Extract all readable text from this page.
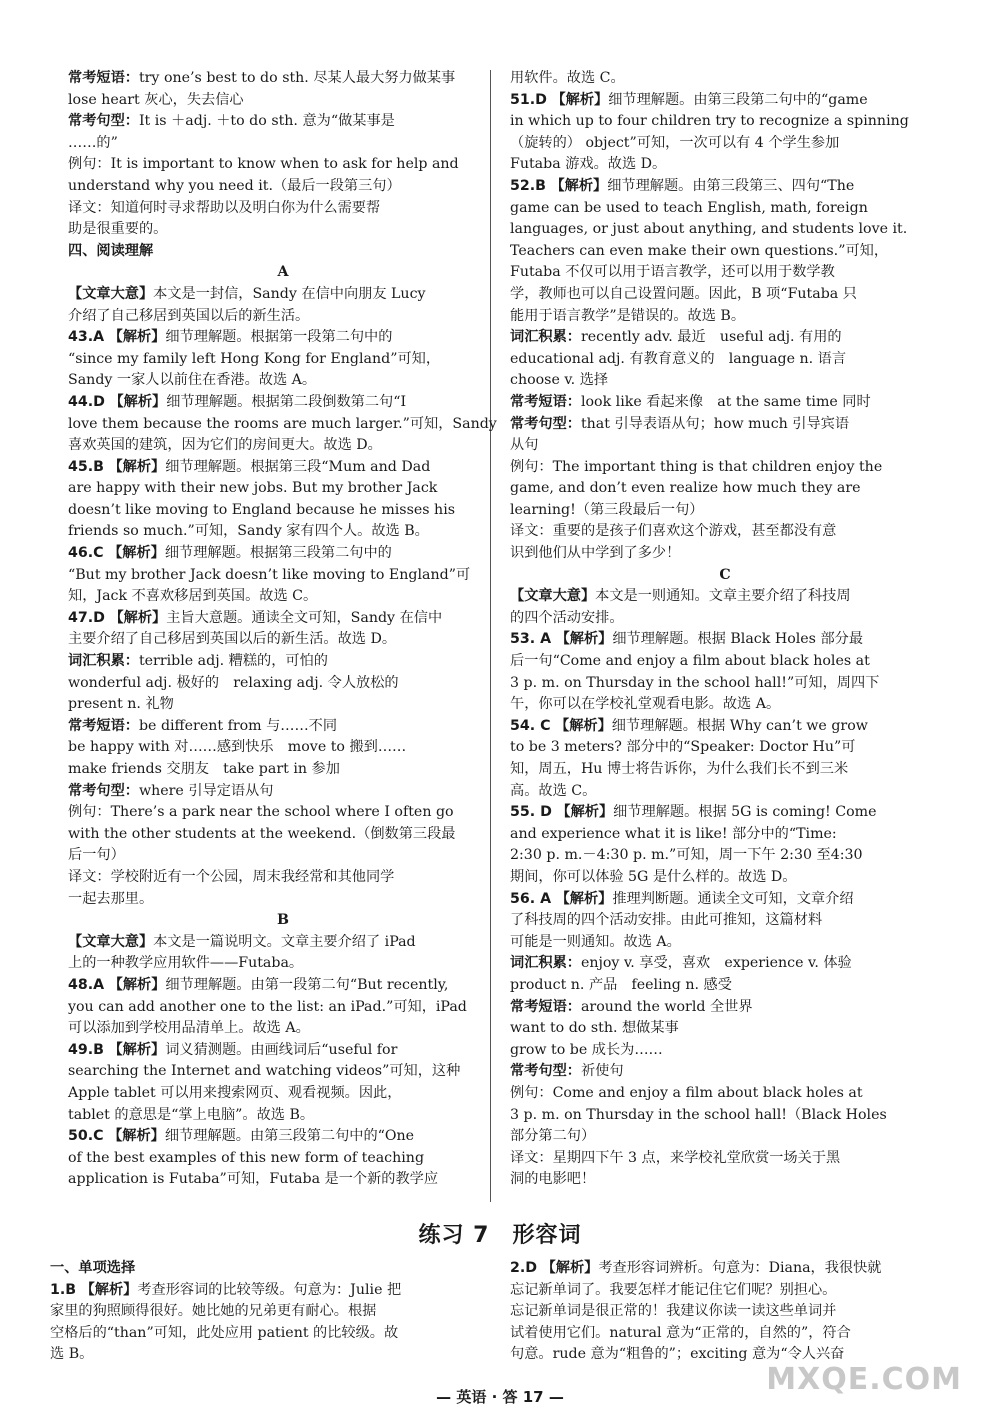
常考短语：try one’s best to do sth. 尽某人最大努力做某事

lose heart 灰心，失去信心

常考句型：It is ＋adj. ＋to do sth. 意为“做某事是

……的”

例句：It is important to know when to ask for help and

understand why you need it.（最后一段第三句）

译文：知道何时寻求帮助以及明白你为什么需要帮

助是很重要的。

四、阅读理解

A

【文章大意】本文是一封信，Sandy 在信中向朋友 Lucy

介绍了自己移居到英国以后的新生活。

43.A 【解析】细节理解题。根据第一段第二句中的

“since my family left Hong Kong for England”可知，

Sandy 一家人以前住在香港。故选 A。

44.D 【解析】细节理解题。根据第二段倒数第二句“I

love them because the rooms are much larger.”可知，Sandy

喜欢英国的建筑，因为它们的房间更大。故选 D。

45.B 【解析】细节理解题。根据第三段“Mum and Dad

are happy with their new jobs. But my brother Jack

doesn’t like moving to England because he misses his

friends so much.”可知，Sandy 家有四个人。故选 B。

46.C 【解析】细节理解题。根据第三段第二句中的

“But my brother Jack doesn’t like moving to England”可

知，Jack 不喜欢移居到英国。故选 C。

47.D 【解析】主旨大意题。通读全文可知，Sandy 在信中

主要介绍了自己移居到英国以后的新生活。故选 D。

词汇积累：terrible adj. 糟糕的，可怕的

wonderful adj. 极好的　relaxing adj. 令人放松的

present n. 礼物

常考短语：be different from 与……不同

be happy with 对……感到快乐　move to 搬到……

make friends 交朋友　take part in 参加

常考句型：where 引导定语从句

例句：There’s a park near the school where I often go

with the other students at the weekend.（倒数第三段最

后一句）

译文：学校附近有一个公园，周末我经常和其他同学

一起去那里。

B

【文章大意】本文是一篇说明文。文章主要介绍了 iPad

上的一种教学应用软件——Futaba。

48.A 【解析】细节理解题。由第一段第二句“But recently,

you can add another one to the list: an iPad.”可知，iPad

可以添加到学校用品清单上。故选 A。

49.B 【解析】词义猜测题。由画线词后“useful for

searching the Internet and watching videos”可知，这种

Apple tablet 可以用来搜索网页、观看视频。因此，

tablet 的意思是“掌上电脑”。故选 B。

50.C 【解析】细节理解题。由第三段第二句中的“One

of the best examples of this new form of teaching

application is Futaba”可知，Futaba 是一个新的教学应

用软件。故选 C。

51.D 【解析】细节理解题。由第三段第二句中的“game

in which up to four children try to recognize a spinning

（旋转的） object”可知，一次可以有 4 个学生参加

Futaba 游戏。故选 D。

52.B 【解析】细节理解题。由第三段第三、四句“The

game can be used to teach English, math, foreign

languages, or just about anything, and students love it.

Teachers can even make their own questions.”可知，

Futaba 不仅可以用于语言教学，还可以用于数学教

学，教师也可以自己设置问题。因此，B 项“Futaba 只

能用于语言教学”是错误的。故选 B。

词汇积累：recently adv. 最近　useful adj. 有用的

educational adj. 有教育意义的　language n. 语言

choose v. 选择

常考短语：look like 看起来像　at the same time 同时

常考句型：that 引导表语从句；how much 引导宾语

从句

例句：The important thing is that children enjoy the

game, and don’t even realize how much they are

learning!（第三段最后一句）

译文：重要的是孩子们喜欢这个游戏，甚至都没有意

识到他们从中学到了多少！

C

【文章大意】本文是一则通知。文章主要介绍了科技周

的四个活动安排。

53. A 【解析】细节理解题。根据 Black Holes 部分最

后一句“Come and enjoy a film about black holes at

3 p. m. on Thursday in the school hall!”可知，周四下

午，你可以在学校礼堂观看电影。故选 A。

54. C 【解析】细节理解题。根据 Why can’t we grow

to be 3 meters? 部分中的“Speaker: Doctor Hu”可

知，周五，Hu 博士将告诉你，为什么我们长不到三米

高。故选 C。

55. D 【解析】细节理解题。根据 5G is coming! Come

and experience what it is like! 部分中的“Time:

2:30 p. m.－4:30 p. m.”可知，周一下午 2:30 至4:30

期间，你可以体验 5G 是什么样的。故选 D。

56. A 【解析】推理判断题。通读全文可知，文章介绍

了科技周的四个活动安排。由此可推知，这篇材料

可能是一则通知。故选 A。

词汇积累：enjoy v. 享受，喜欢　experience v. 体验

product n. 产品　feeling n. 感受

常考短语：around the world 全世界

want to do sth. 想做某事

grow to be 成长为……

常考句型：祈使句

例句：Come and enjoy a film about black holes at

3 p. m. on Thursday in the school hall!（Black Holes

部分第二句）

译文：星期四下午 3 点，来学校礼堂欣赏一场关于黑

洞的电影吧！

练习 7　形容词

一、单项选择

1.B 【解析】考查形容词的比较等级。句意为：Julie 把

家里的狗照顾得很好。她比她的兄弟更有耐心。根据

空格后的“than”可知，此处应用 patient 的比较级。故

选 B。

2.D 【解析】考查形容词辨析。句意为：Diana，我很快就

忘记新单词了。我要怎样才能记住它们呢？别担心。

忘记新单词是很正常的！我建议你读一读这些单词并

试着使用它们。natural 意为“正常的，自然的”，符合

句意。rude 意为“粗鲁的”；exciting 意为“令人兴奋

— 英语 · 答 17 —	MXQE.COM
